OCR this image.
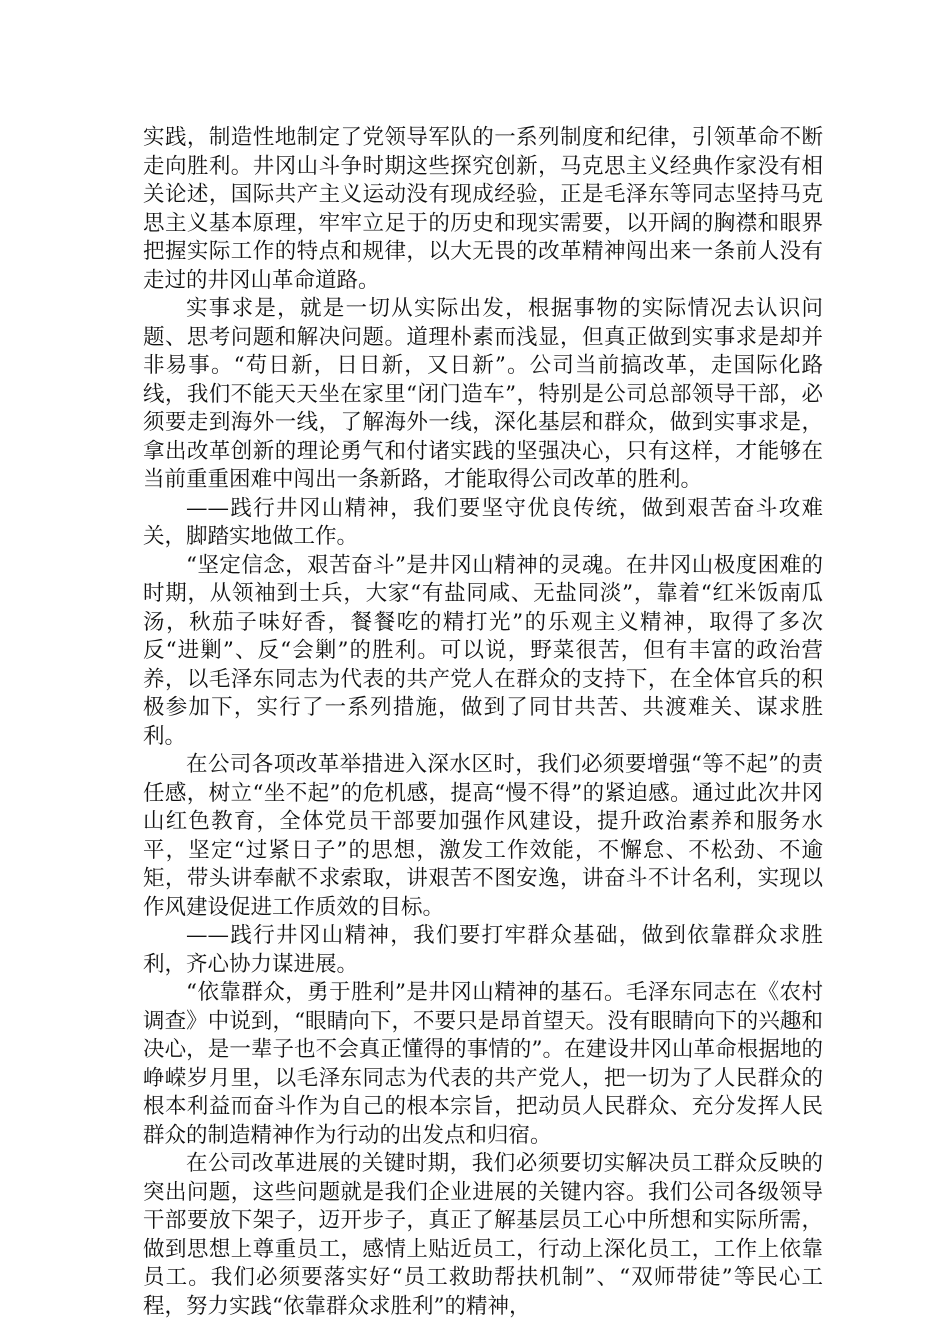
实践，制造性地制定了党领导军队的一系列制度和纪律，引领革命不断走向胜利。井冈山斗争时期这些探究创新，马克思主义经典作家没有相关论述，国际共产主义运动没有现成经验，正是毛泽东等同志坚持马克思主义基本原理，牢牢立足于的历史和现实需要，以开阔的胸襟和眼界把握实际工作的特点和规律，以大无畏的改革精神闯出来一条前人没有走过的井冈山革命道路。

实事求是，就是一切从实际出发，根据事物的实际情况去认识问题、思考问题和解决问题。道理朴素而浅显，但真正做到实事求是却并非易事。“苟日新，日日新，又日新”。公司当前搞改革，走国际化路线，我们不能天天坐在家里“闭门造车”，特别是公司总部领导干部，必须要走到海外一线，了解海外一线，深化基层和群众，做到实事求是，拿出改革创新的理论勇气和付诸实践的坚强决心，只有这样，才能够在当前重重困难中闯出一条新路，才能取得公司改革的胜利。

——践行井冈山精神，我们要坚守优良传统，做到艰苦奋斗攻难关，脚踏实地做工作。

“坚定信念，艰苦奋斗”是井冈山精神的灵魂。在井冈山极度困难的时期，从领袖到士兵，大家“有盐同咸、无盐同淡”，靠着“红米饭南瓜汤，秋茄子味好香，餐餐吃的精打光”的乐观主义精神，取得了多次反“进剿”、反“会剿”的胜利。可以说，野菜很苦，但有丰富的政治营养，以毛泽东同志为代表的共产党人在群众的支持下，在全体官兵的积极参加下，实行了一系列措施，做到了同甘共苦、共渡难关、谋求胜利。

在公司各项改革举措进入深水区时，我们必须要增强“等不起”的责任感，树立“坐不起”的危机感，提高“慢不得”的紧迫感。通过此次井冈山红色教育，全体党员干部要加强作风建设，提升政治素养和服务水平，坚定“过紧日子”的思想，激发工作效能，不懈怠、不松劲、不逾矩，带头讲奉献不求索取，讲艰苦不图安逸，讲奋斗不计名利，实现以作风建设促进工作质效的目标。

——践行井冈山精神，我们要打牢群众基础，做到依靠群众求胜利，齐心协力谋进展。

“依靠群众，勇于胜利”是井冈山精神的基石。毛泽东同志在《农村调查》中说到，“眼睛向下，不要只是昂首望天。没有眼睛向下的兴趣和决心，是一辈子也不会真正懂得的事情的”。在建设井冈山革命根据地的峥嵘岁月里，以毛泽东同志为代表的共产党人，把一切为了人民群众的根本利益而奋斗作为自己的根本宗旨，把动员人民群众、充分发挥人民群众的制造精神作为行动的出发点和归宿。

在公司改革进展的关键时期，我们必须要切实解决员工群众反映的突出问题，这些问题就是我们企业进展的关键内容。我们公司各级领导干部要放下架子，迈开步子，真正了解基层员工心中所想和实际所需，做到思想上尊重员工，感情上贴近员工，行动上深化员工，工作上依靠员工。我们必须要落实好“员工救助帮扶机制”、“双师带徒”等民心工程，努力实践“依靠群众求胜利”的精神，
